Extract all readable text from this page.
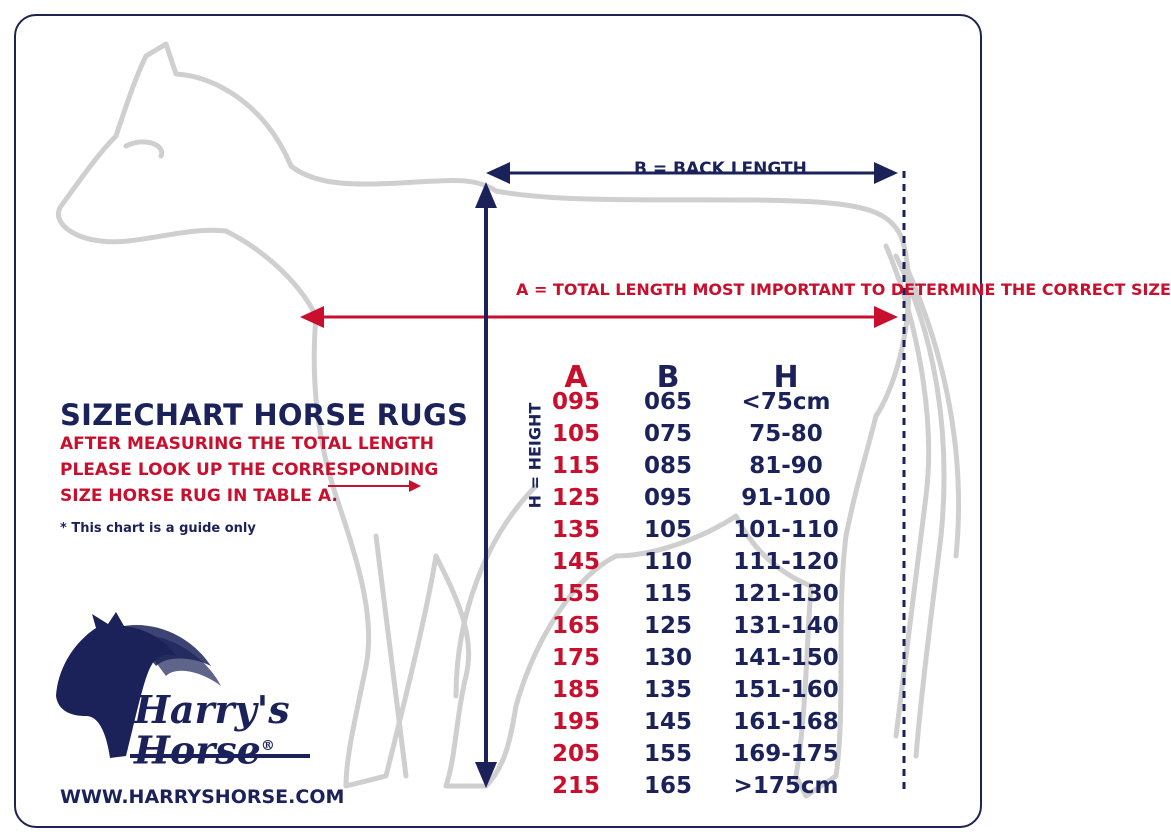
SIZECHART HORSE RUGS
AFTER MEASURING THE TOTAL LENGTH
PLEASE LOOK UP THE CORRESPONDING
SIZE HORSE RUG IN TABLE A.
* This chart is a guide only
Harry's
Horse®
WWW.HARRYSHORSE.COM
B = BACK LENGTH
A = TOTAL LENGTH MOST IMPORTANT TO DETERMINE THE CORRECT SIZE
H = HEIGHT
A	B	H
095	065	<75cm
105	075	75-80
115	085	81-90
125	095	91-100
135	105	101-110
145	110	111-120
155	115	121-130
165	125	131-140
175	130	141-150
185	135	151-160
195	145	161-168
205	155	169-175
215	165	>175cm
